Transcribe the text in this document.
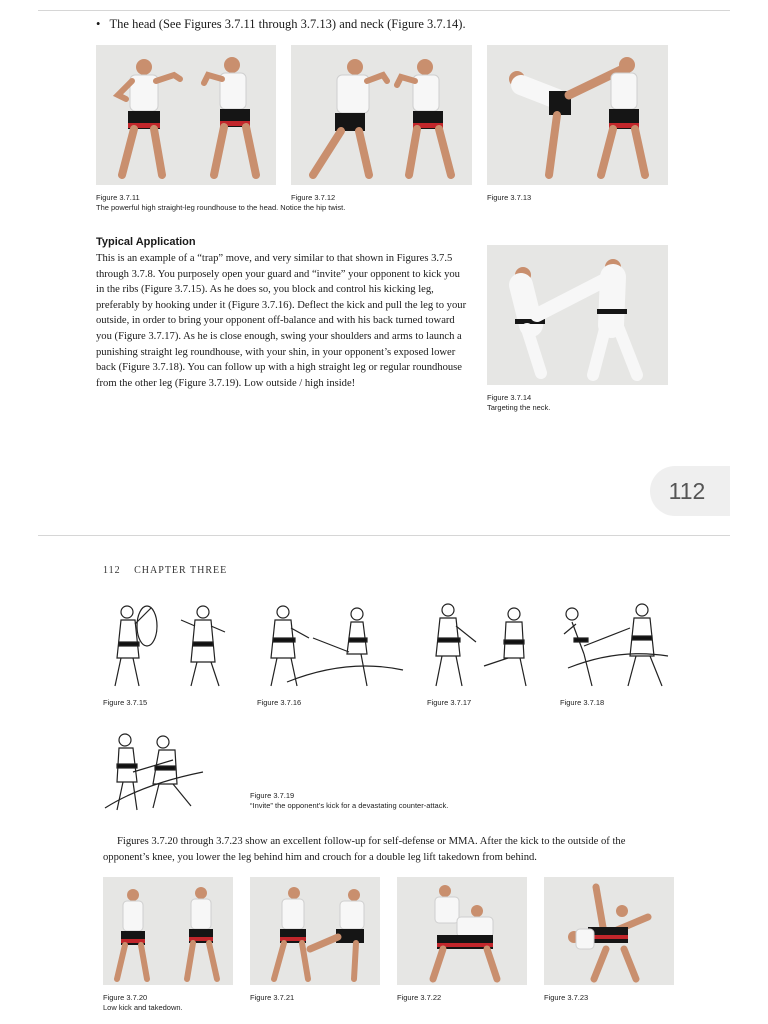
• The head (See Figures 3.7.11 through 3.7.13) and neck (Figure 3.7.14).
Figure 3.7.11
The powerful high straight-leg roundhouse to the head. Notice the hip twist.
Figure 3.7.12	Figure 3.7.13
Typical Application
This is an example of a “trap” move, and very similar to that shown in Figures 3.7.5 through 3.7.8. You purposely open your guard and “invite” your opponent to kick you in the ribs (Figure 3.7.15). As he does so, you block and control his kicking leg, preferably by hooking under it (Figure 3.7.16). Deflect the kick and pull the leg to your outside, in order to bring your opponent off-balance and with his back turned toward you (Figure 3.7.17). As he is close enough, swing your shoulders and arms to launch a punishing straight leg roundhouse, with your shin, in your opponent’s exposed lower back (Figure 3.7.18). You can follow up with a high straight leg or regular roundhouse from the other leg (Figure 3.7.19). Low outside / high inside!
Figure 3.7.14
Targeting the neck.
112
112 CHAPTER THREE
Figure 3.7.15	Figure 3.7.16	Figure 3.7.17	Figure 3.7.18
Figure 3.7.19
“Invite” the opponent’s kick for a devastating counter-attack.
Figures 3.7.20 through 3.7.23 show an excellent follow-up for self-defense or MMA. After the kick to the outside of the opponent’s knee, you lower the leg behind him and crouch for a double leg lift takedown from behind.
Figure 3.7.20
Low kick and takedown.
Figure 3.7.21	Figure 3.7.22	Figure 3.7.23
